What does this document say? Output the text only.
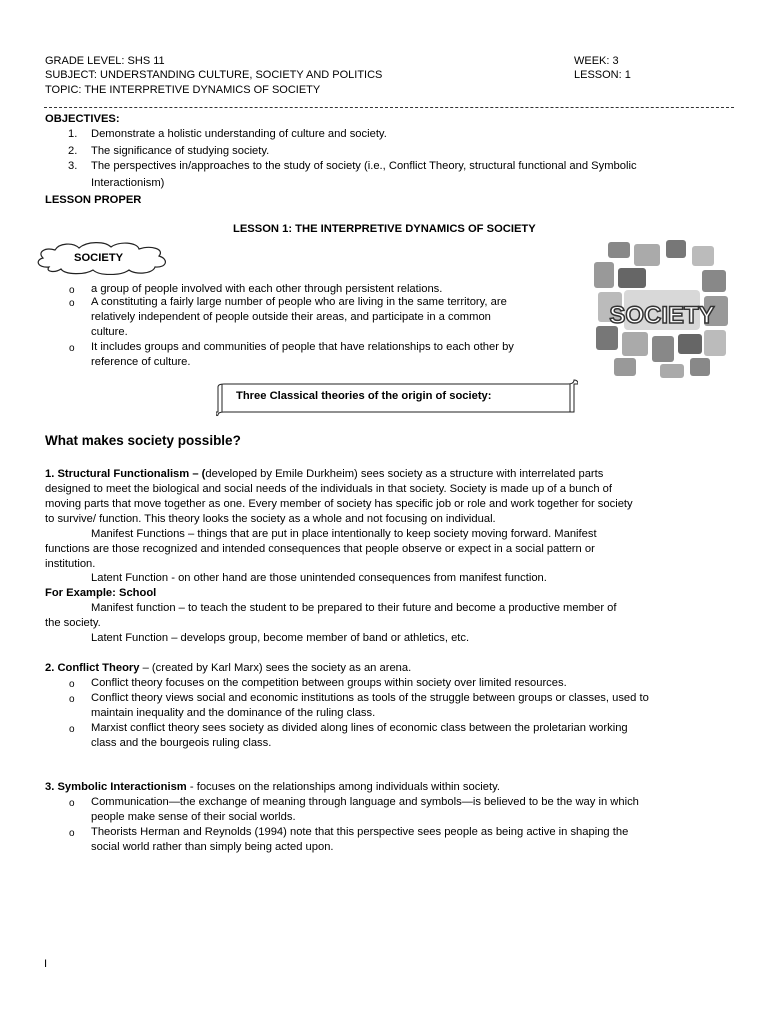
GRADE LEVEL: SHS 11
SUBJECT: UNDERSTANDING CULTURE, SOCIETY AND POLITICS
TOPIC: THE INTERPRETIVE DYNAMICS OF SOCIETY
WEEK: 3
LESSON: 1
OBJECTIVES:
1. Demonstrate a holistic understanding of culture and society.
2. The significance of studying society.
3. The perspectives in/approaches to the study of society (i.e., Conflict Theory, structural functional and Symbolic
Interactionism)
LESSON PROPER
LESSON 1: THE INTERPRETIVE DYNAMICS OF SOCIETY
SOCIETY
SOCIETY
o a group of people involved with each other through persistent relations.
o A constituting a fairly large number of people who are living in the same territory, are
relatively independent of people outside their areas, and participate in a common
culture.
o It includes groups and communities of people that have relationships to each other by
reference of culture.
Three Classical theories of the origin of society:
What makes society possible?
1. Structural Functionalism – (developed by Emile Durkheim) sees society as a structure with interrelated parts
designed to meet the biological and social needs of the individuals in that society. Society is made up of a bunch of
moving parts that move together as one. Every member of society has specific job or role and work together for society
to survive/ function. This theory looks the society as a whole and not focusing on individual.
Manifest Functions – things that are put in place intentionally to keep society moving forward. Manifest
functions are those recognized and intended consequences that people observe or expect in a social pattern or
institution.
Latent Function - on other hand are those unintended consequences from manifest function.
For Example: School
Manifest function – to teach the student to be prepared to their future and become a productive member of
the society.
Latent Function – develops group, become member of band or athletics, etc.
2. Conflict Theory – (created by Karl Marx) sees the society as an arena.
o Conflict theory focuses on the competition between groups within society over limited resources.
o Conflict theory views social and economic institutions as tools of the struggle between groups or classes, used to
maintain inequality and the dominance of the ruling class.
o Marxist conflict theory sees society as divided along lines of economic class between the proletarian working
class and the bourgeois ruling class.
3. Symbolic Interactionism - focuses on the relationships among individuals within society.
o Communication—the exchange of meaning through language and symbols—is believed to be the way in which
people make sense of their social worlds.
o Theorists Herman and Reynolds (1994) note that this perspective sees people as being active in shaping the
social world rather than simply being acted upon.
I
